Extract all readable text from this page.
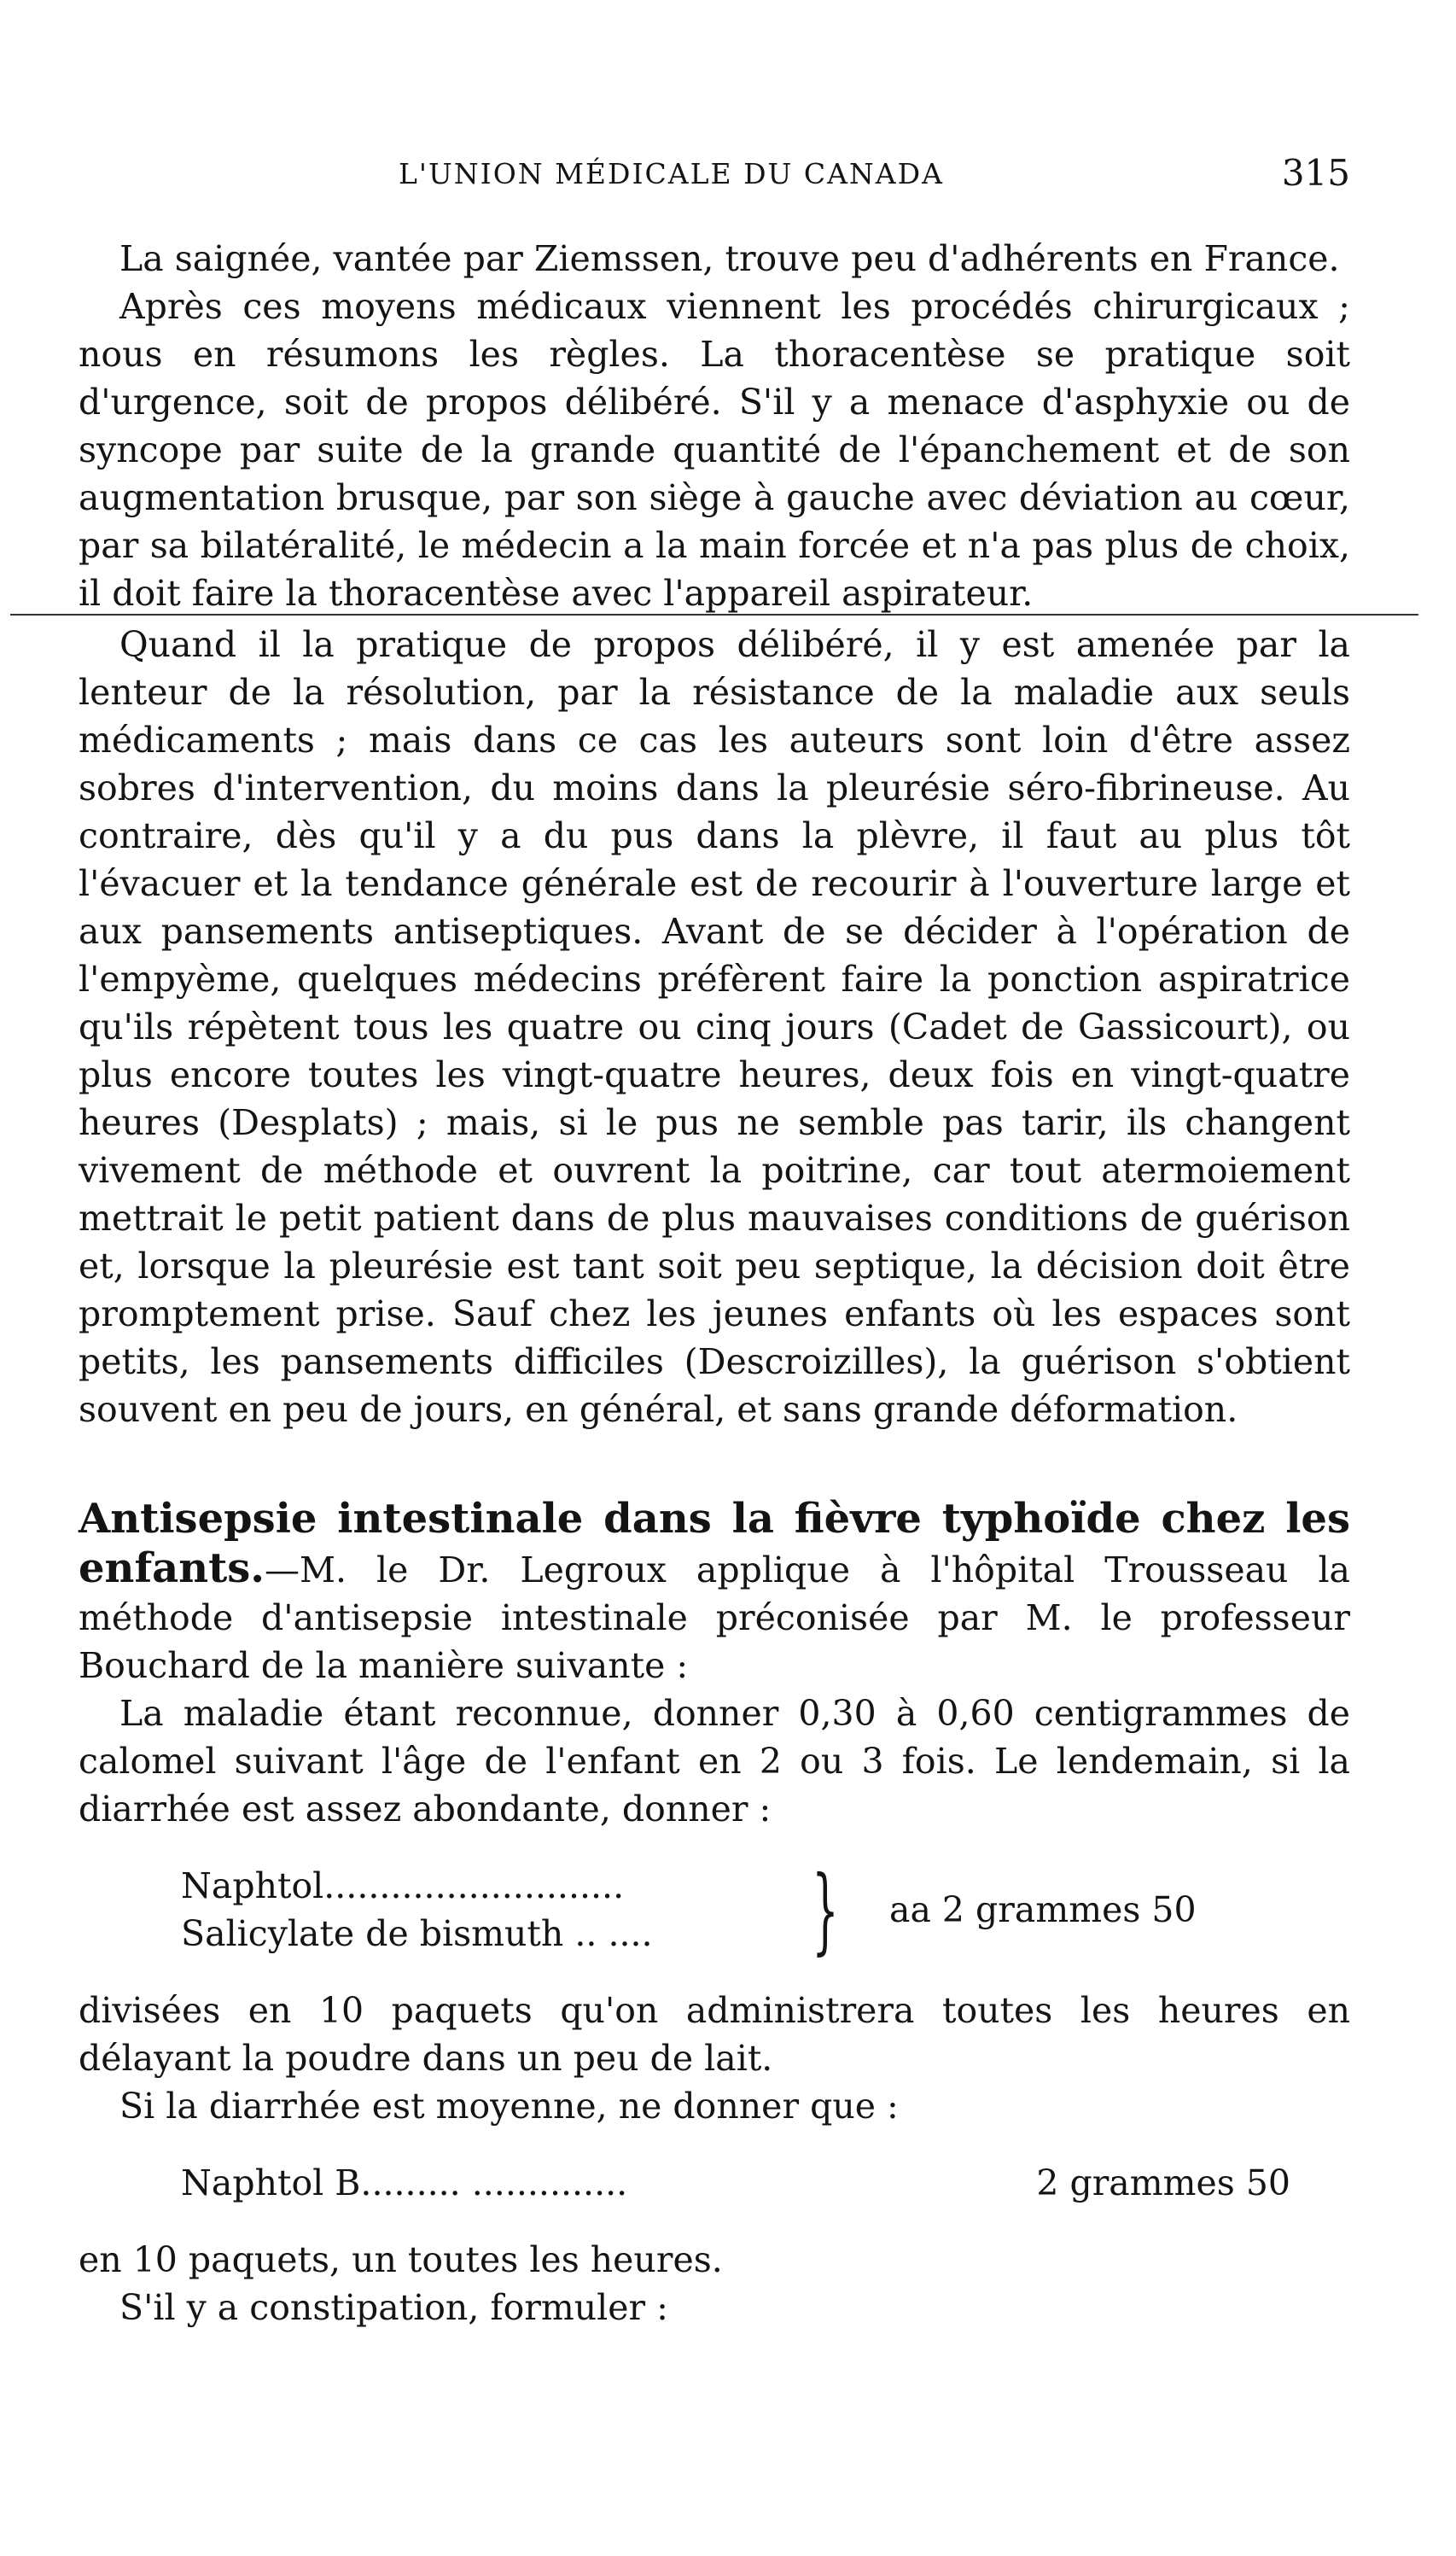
L'UNION MÉDICALE DU CANADA	315

La saignée, vantée par Ziemssen, trouve peu d'adhérents en France.

Après ces moyens médicaux viennent les procédés chirurgicaux ; nous en résumons les règles. La thoracentèse se pratique soit d'urgence, soit de propos délibéré. S'il y a menace d'asphyxie ou de syncope par suite de la grande quantité de l'épanchement et de son augmentation brusque, par son siège à gauche avec déviation au cœur, par sa bilatéralité, le médecin a la main forcée et n'a pas plus de choix, il doit faire la thoracentèse avec l'appareil aspirateur.

Quand il la pratique de propos délibéré, il y est amenée par la lenteur de la résolution, par la résistance de la maladie aux seuls médicaments ; mais dans ce cas les auteurs sont loin d'être assez sobres d'intervention, du moins dans la pleurésie séro-fibrineuse. Au contraire, dès qu'il y a du pus dans la plèvre, il faut au plus tôt l'évacuer et la tendance générale est de recourir à l'ouverture large et aux pansements antiseptiques. Avant de se décider à l'opération de l'empyème, quelques médecins préfèrent faire la ponction aspiratrice qu'ils répètent tous les quatre ou cinq jours (Cadet de Gassicourt), ou plus encore toutes les vingt-quatre heures, deux fois en vingt-quatre heures (Desplats) ; mais, si le pus ne semble pas tarir, ils changent vivement de méthode et ouvrent la poitrine, car tout atermoiement mettrait le petit patient dans de plus mauvaises conditions de guérison et, lorsque la pleurésie est tant soit peu septique, la décision doit être promptement prise. Sauf chez les jeunes enfants où les espaces sont petits, les pansements difficiles (Descroizilles), la guérison s'obtient souvent en peu de jours, en général, et sans grande déformation.

Antisepsie intestinale dans la fièvre typhoïde chez les enfants.—M. le Dr. Legroux applique à l'hôpital Trousseau la méthode d'antisepsie intestinale préconisée par M. le professeur Bouchard de la manière suivante :

La maladie étant reconnue, donner 0,30 à 0,60 centigrammes de calomel suivant l'âge de l'enfant en 2 ou 3 fois. Le lendemain, si la diarrhée est assez abondante, donner :

Naphtol...........................
Salicylate de bismuth .. ....	} aa 2 grammes 50

divisées en 10 paquets qu'on administrera toutes les heures en délayant la poudre dans un peu de lait.

Si la diarrhée est moyenne, ne donner que :

Naphtol B......... ..............	2 grammes 50

en 10 paquets, un toutes les heures.

S'il y a constipation, formuler :
